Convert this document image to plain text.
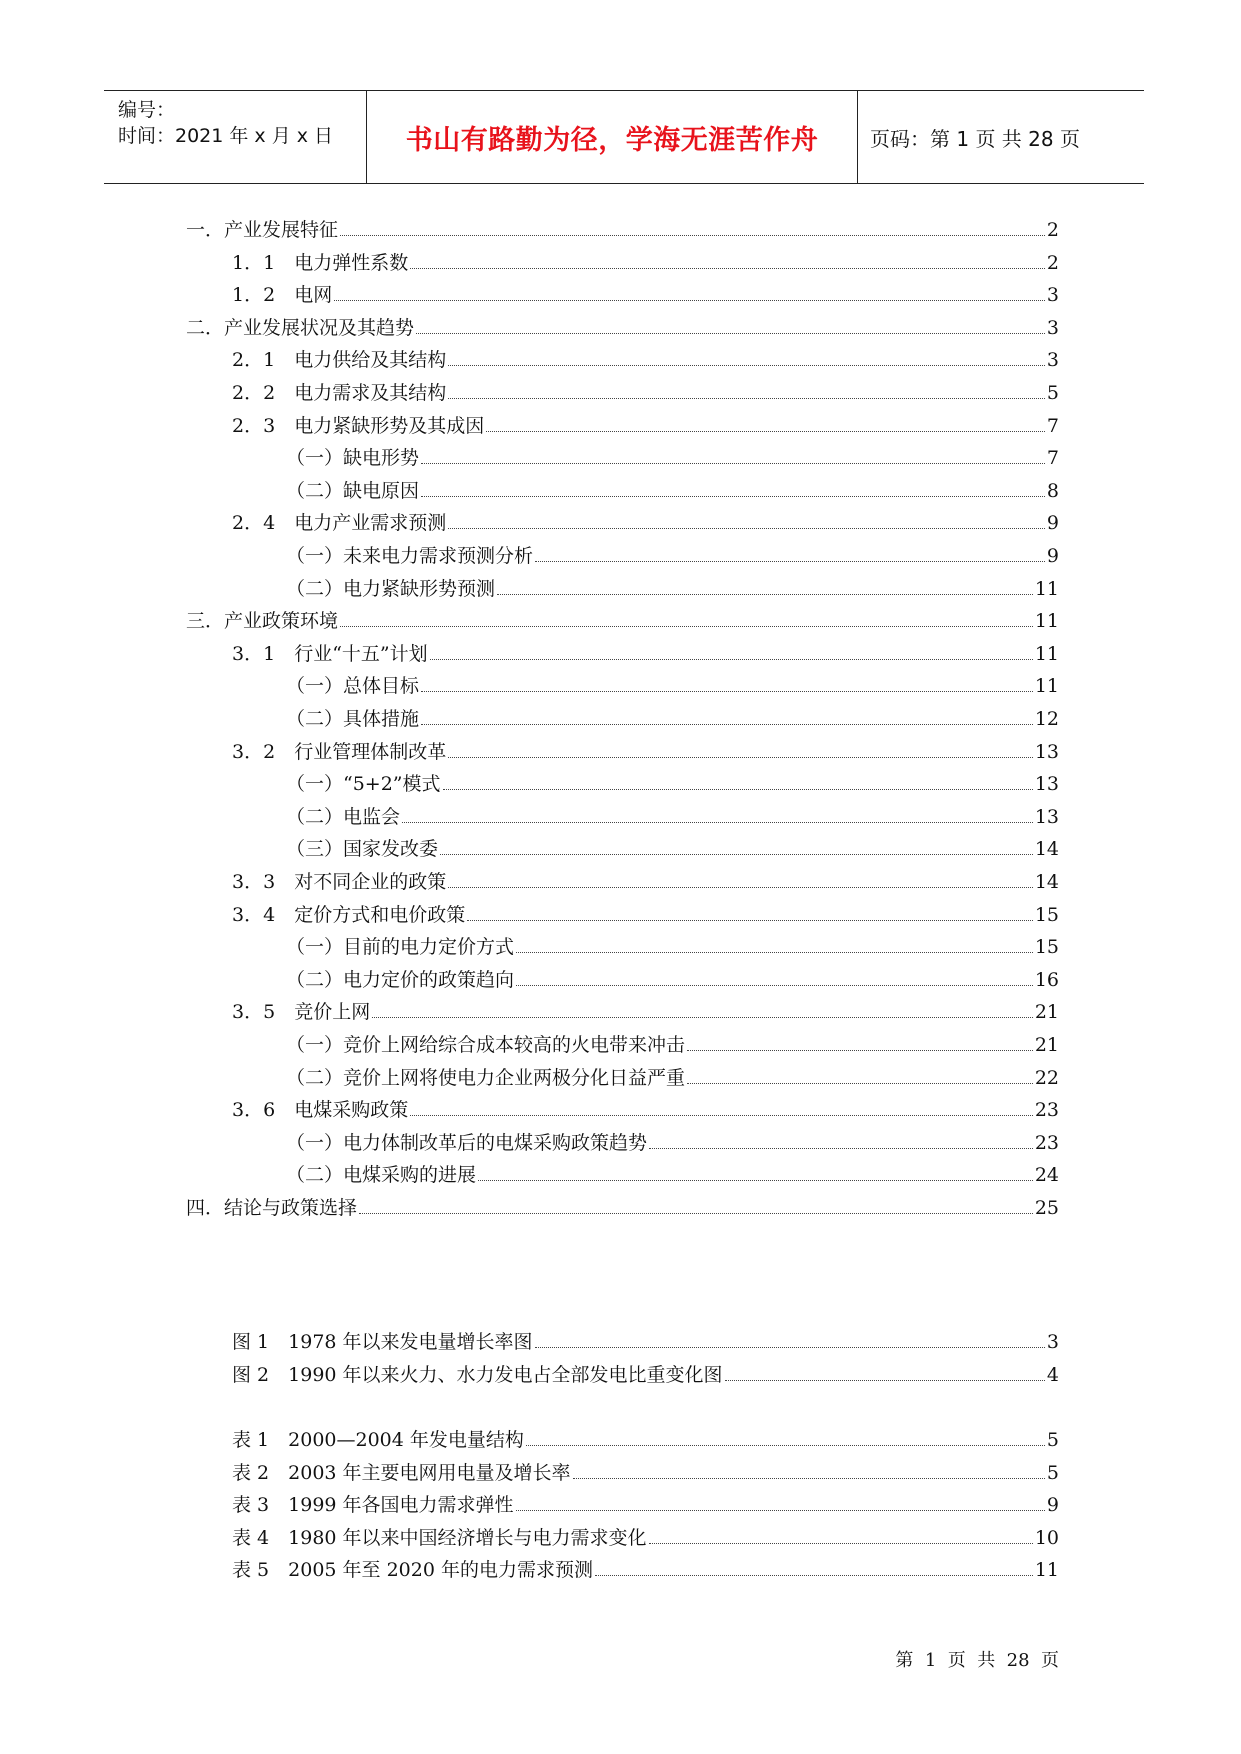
编号：
时间：2021 年 x 月 x 日	书山有路勤为径，学海无涯苦作舟	页码：第 1 页 共 28 页
一． 产业发展特征	2
1．1　 电力弹性系数	2
1．2　 电网	3
二． 产业发展状况及其趋势	3
2．1　 电力供给及其结构	3
2．2　 电力需求及其结构	5
2．3　 电力紧缺形势及其成因	7
（一）缺电形势	7
（二）缺电原因	8
2．4　 电力产业需求预测	9
（一）未来电力需求预测分析	9
（二）电力紧缺形势预测	11
三． 产业政策环境	11
3．1　 行业“十五”计划	11
（一）总体目标	11
（二）具体措施	12
3．2　 行业管理体制改革	13
（一）“5+2”模式	13
（二）电监会	13
（三）国家发改委	14
3．3　 对不同企业的政策	14
3．4　 定价方式和电价政策	15
（一）目前的电力定价方式	15
（二）电力定价的政策趋向	16
3．5　 竞价上网	21
（一）竞价上网给综合成本较高的火电带来冲击	21
（二）竞价上网将使电力企业两极分化日益严重	22
3．6　 电煤采购政策	23
（一）电力体制改革后的电煤采购政策趋势	23
（二）电煤采购的进展	24
四． 结论与政策选择	25
图 1　 1978 年以来发电量增长率图	3
图 2　 1990 年以来火力、水力发电占全部发电比重变化图	4
表 1　 2000—2004 年发电量结构	5
表 2　 2003 年主要电网用电量及增长率	5
表 3　 1999 年各国电力需求弹性	9
表 4　 1980 年以来中国经济增长与电力需求变化	10
表 5　 2005 年至 2020 年的电力需求预测	11
第  1  页  共  28  页
